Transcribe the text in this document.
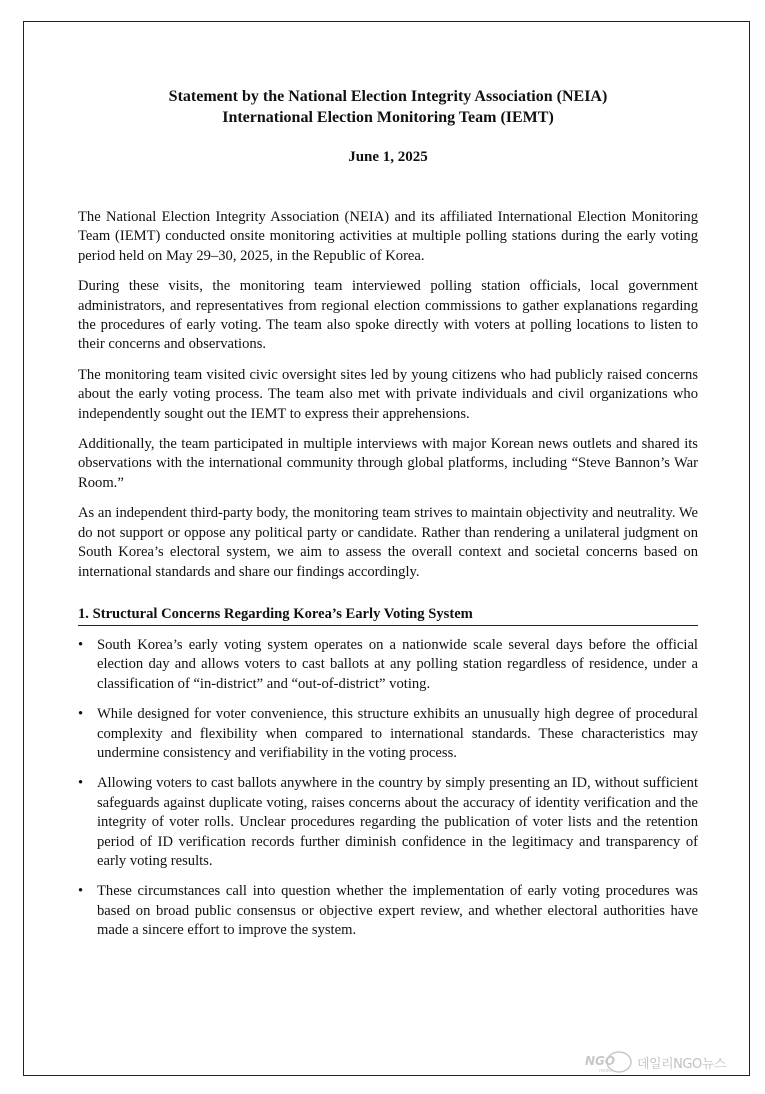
Statement by the National Election Integrity Association (NEIA)
International Election Monitoring Team (IEMT)

June 1, 2025

The National Election Integrity Association (NEIA) and its affiliated International Election Monitoring Team (IEMT) conducted onsite monitoring activities at multiple polling stations during the early voting period held on May 29–30, 2025, in the Republic of Korea.

During these visits, the monitoring team interviewed polling station officials, local government administrators, and representatives from regional election commissions to gather explanations regarding the procedures of early voting. The team also spoke directly with voters at polling locations to listen to their concerns and observations.

The monitoring team visited civic oversight sites led by young citizens who had publicly raised concerns about the early voting process. The team also met with private individuals and civil organizations who independently sought out the IEMT to express their apprehensions.

Additionally, the team participated in multiple interviews with major Korean news outlets and shared its observations with the international community through global platforms, including “Steve Bannon’s War Room.”

As an independent third-party body, the monitoring team strives to maintain objectivity and neutrality. We do not support or oppose any political party or candidate. Rather than rendering a unilateral judgment on South Korea’s electoral system, we aim to assess the overall context and societal concerns based on international standards and share our findings accordingly.

1. Structural Concerns Regarding Korea’s Early Voting System
• South Korea’s early voting system operates on a nationwide scale several days before the official election day and allows voters to cast ballots at any polling station regardless of residence, under a classification of “in-district” and “out-of-district” voting.
• While designed for voter convenience, this structure exhibits an unusually high degree of procedural complexity and flexibility when compared to international standards. These characteristics may undermine consistency and verifiability in the voting process.
• Allowing voters to cast ballots anywhere in the country by simply presenting an ID, without sufficient safeguards against duplicate voting, raises concerns about the accuracy of identity verification and the integrity of voter rolls. Unclear procedures regarding the publication of voter lists and the retention period of ID verification records further diminish confidence in the legitimacy and transparency of early voting results.
• These circumstances call into question whether the implementation of early voting procedures was based on broad public consensus or objective expert review, and whether electoral authorities have made a sincere effort to improve the system.
NGO
news 데일리NGO뉴스
